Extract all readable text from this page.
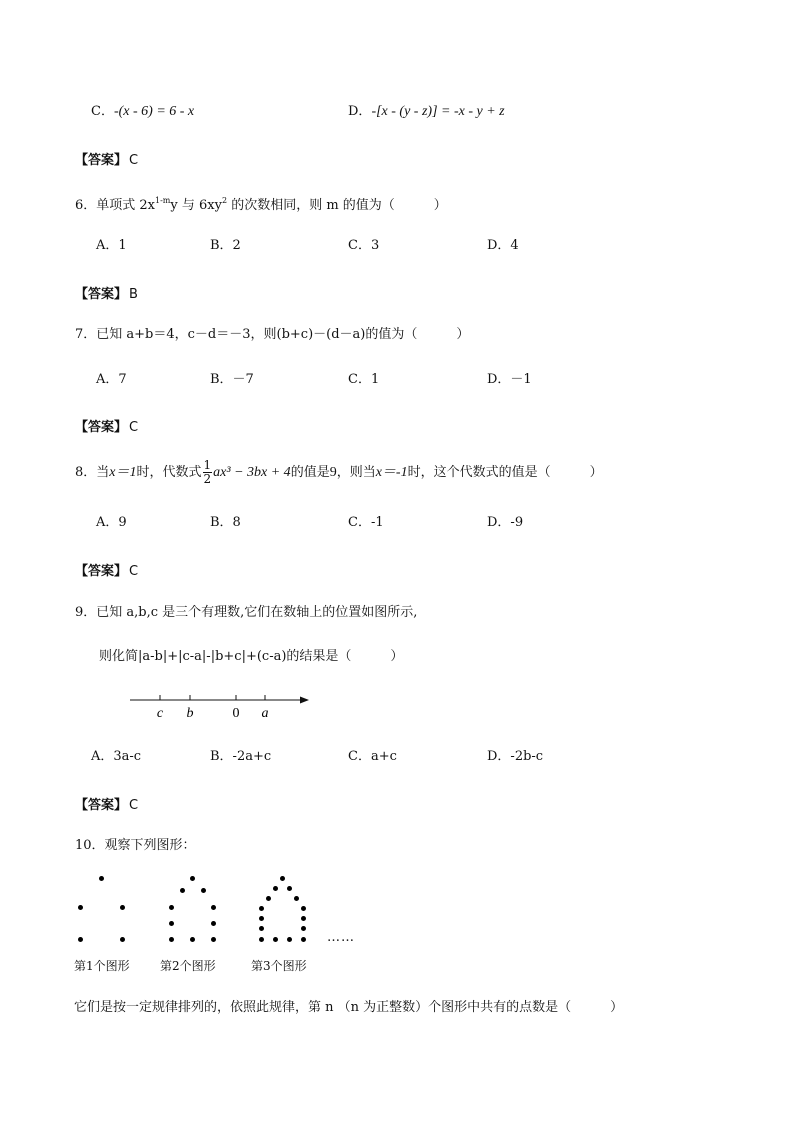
C．-(x - 6) = 6 - x	D．-[x - (y - z)] = -x - y + z
【答案】 C
6．单项式 $2x^{1-m}y$ 与 $6xy^2$ 的次数相同，则 m 的值为（　　　）
A．1	B．2	C．3	D．4
【答案】 B
7．已知 a+b＝4，c－d＝－3，则(b+c)－(d－a)的值为（　　　）
A．7	B．－7	C．1	D．－1
【答案】 C
8．当x＝1时，代数式 $\frac{1}{2} ax^3 - 3bx + 4$的值是9，则当x＝-1时，这个代数式的值是（　　　）
A．9	B．8	C．-1	D．-9
【答案】 C
9．已知 a,b,c 是三个有理数,它们在数轴上的位置如图所示,
则化简|a-b|+|c-a|-|b+c|+(c-a)的结果是（　　　）
c b	0 a
A．3a-c	B．-2a+c	C．a+c	D．-2b-c
【答案】 C
10．观察下列图形：
……
第1个图形	第2个图形	第3个图形
它们是按一定规律排列的，依照此规律，第 n （n 为正整数）个图形中共有的点数是（　　　）
